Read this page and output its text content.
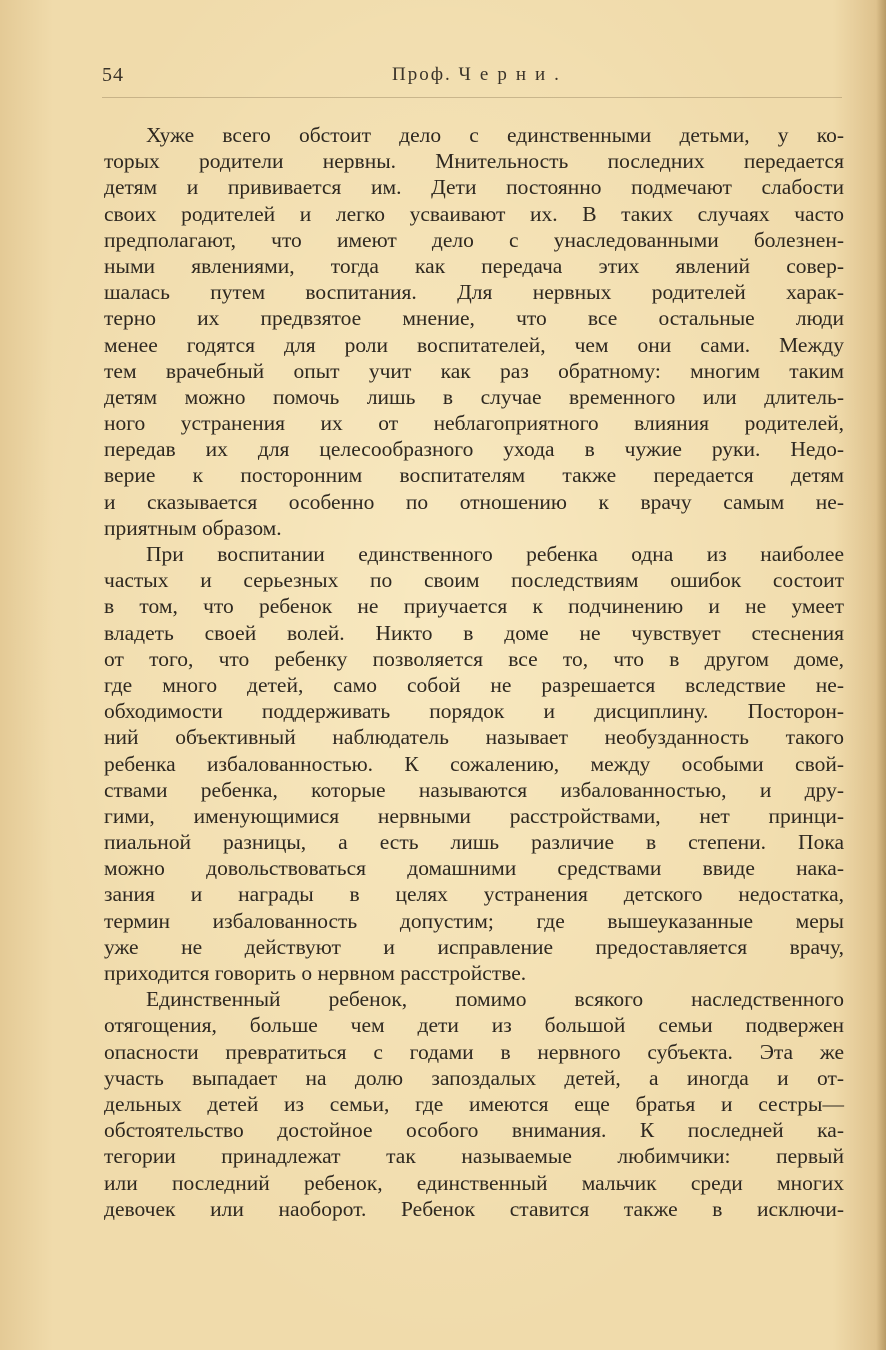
54	Проф. Черни.
Хуже всего обстоит дело с единственными детьми, у ко-
торых родители нервны. Мнительность последних передается
детям и прививается им. Дети постоянно подмечают слабости
своих родителей и легко усваивают их. В таких случаях часто
предполагают, что имеют дело с унаследованными болезнен-
ными явлениями, тогда как передача этих явлений совер-
шалась путем воспитания. Для нервных родителей харак-
терно их предвзятое мнение, что все остальные люди
менее годятся для роли воспитателей, чем они сами. Между
тем врачебный опыт учит как раз обратному: многим таким
детям можно помочь лишь в случае временного или длитель-
ного устранения их от неблагоприятного влияния родителей,
передав их для целесообразного ухода в чужие руки. Недо-
верие к посторонним воспитателям также передается детям
и сказывается особенно по отношению к врачу самым не-
приятным образом.
При воспитании единственного ребенка одна из наиболее
частых и серьезных по своим последствиям ошибок состоит
в том, что ребенок не приучается к подчинению и не умеет
владеть своей волей. Никто в доме не чувствует стеснения
от того, что ребенку позволяется все то, что в другом доме,
где много детей, само собой не разрешается вследствие не-
обходимости поддерживать порядок и дисциплину. Посторон-
ний объективный наблюдатель называет необузданность такого
ребенка избалованностью. К сожалению, между особыми свой-
ствами ребенка, которые называются избалованностью, и дру-
гими, именующимися нервными расстройствами, нет принци-
пиальной разницы, а есть лишь различие в степени. Пока
можно довольствоваться домашними средствами ввиде нака-
зания и награды в целях устранения детского недостатка,
термин избалованность допустим; где вышеуказанные меры
уже не действуют и исправление предоставляется врачу,
приходится говорить о нервном расстройстве.
Единственный ребенок, помимо всякого наследственного
отягощения, больше чем дети из большой семьи подвержен
опасности превратиться с годами в нервного субъекта. Эта же
участь выпадает на долю запоздалых детей, а иногда и от-
дельных детей из семьи, где имеются еще братья и сестры—
обстоятельство достойное особого внимания. К последней ка-
тегории принадлежат так называемые любимчики: первый
или последний ребенок, единственный мальчик среди многих
девочек или наоборот. Ребенок ставится также в исключи-
